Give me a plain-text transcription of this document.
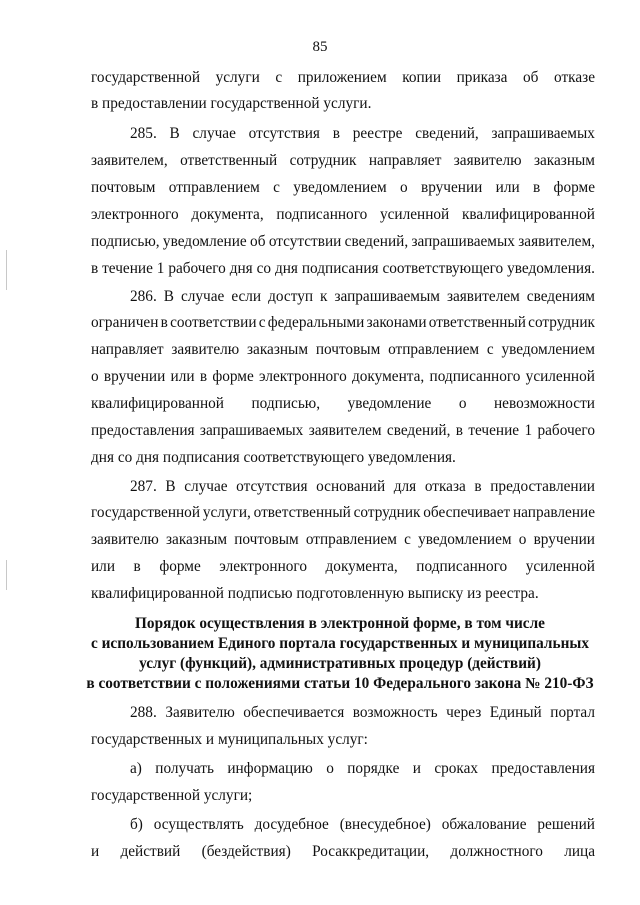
85
государственной услуги с приложением копии приказа об отказе
в предоставлении государственной услуги.
285. В случае отсутствия в реестре сведений, запрашиваемых
заявителем, ответственный сотрудник направляет заявителю заказным
почтовым отправлением с уведомлением о вручении или в форме
электронного документа, подписанного усиленной квалифицированной
подписью, уведомление об отсутствии сведений, запрашиваемых заявителем,
в течение 1 рабочего дня со дня подписания соответствующего уведомления.
286. В случае если доступ к запрашиваемым заявителем сведениям
ограничен в соответствии с федеральными законами ответственный сотрудник
направляет заявителю заказным почтовым отправлением с уведомлением
о вручении или в форме электронного документа, подписанного усиленной
квалифицированной подписью, уведомление о невозможности
предоставления запрашиваемых заявителем сведений, в течение 1 рабочего
дня со дня подписания соответствующего уведомления.
287. В случае отсутствия оснований для отказа в предоставлении
государственной услуги, ответственный сотрудник обеспечивает направление
заявителю заказным почтовым отправлением с уведомлением о вручении
или в форме электронного документа, подписанного усиленной
квалифицированной подписью подготовленную выписку из реестра.
Порядок осуществления в электронной форме, в том числе
с использованием Единого портала государственных и муниципальных
услуг (функций), административных процедур (действий)
в соответствии с положениями статьи 10 Федерального закона № 210-ФЗ
288. Заявителю обеспечивается возможность через Единый портал
государственных и муниципальных услуг:
а) получать информацию о порядке и сроках предоставления
государственной услуги;
б) осуществлять досудебное (внесудебное) обжалование решений
и действий (бездействия) Росаккредитации, должностного лица
